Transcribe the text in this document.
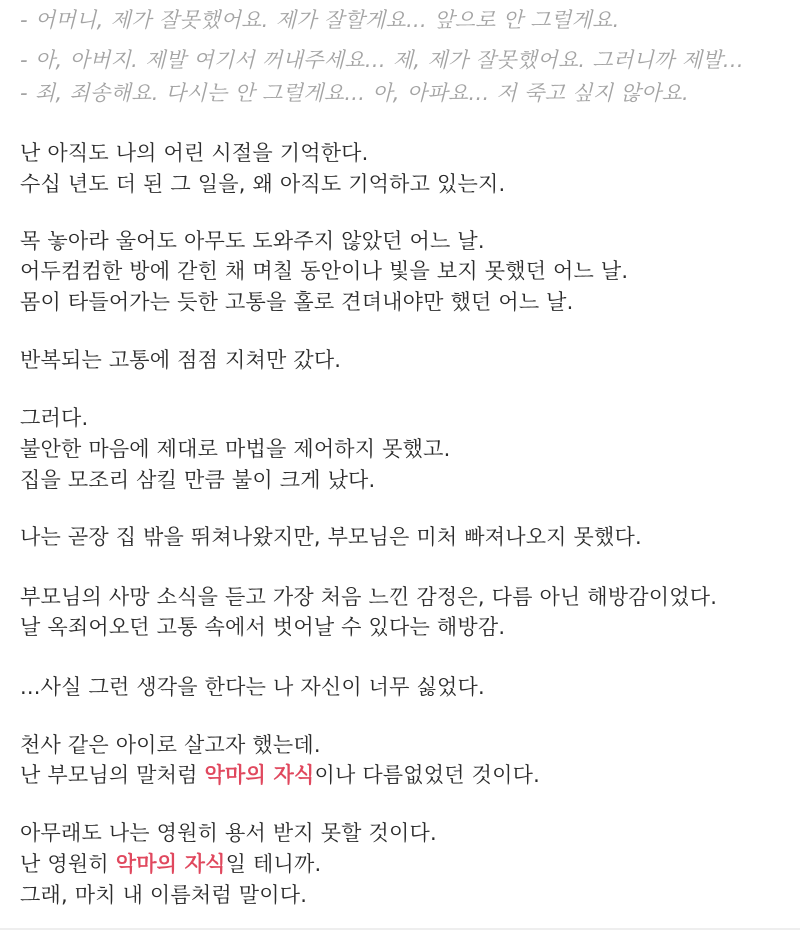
- 어머니, 제가 잘못했어요. 제가 잘할게요... 앞으로 안 그럴게요.
- 아, 아버지. 제발 여기서 꺼내주세요... 제, 제가 잘못했어요. 그러니까 제발...
- 죄, 죄송해요. 다시는 안 그럴게요... 아, 아파요... 저 죽고 싶지 않아요.
난 아직도 나의 어린 시절을 기억한다.
수십 년도 더 된 그 일을, 왜 아직도 기억하고 있는지.
목 놓아라 울어도 아무도 도와주지 않았던 어느 날.
어두컴컴한 방에 갇힌 채 며칠 동안이나 빛을 보지 못했던 어느 날.
몸이 타들어가는 듯한 고통을 홀로 견뎌내야만 했던 어느 날.
반복되는 고통에 점점 지쳐만 갔다.
그러다.
불안한 마음에 제대로 마법을 제어하지 못했고.
집을 모조리 삼킬 만큼 불이 크게 났다.
나는 곧장 집 밖을 뛰쳐나왔지만, 부모님은 미처 빠져나오지 못했다.
부모님의 사망 소식을 듣고 가장 처음 느낀 감정은, 다름 아닌 해방감이었다.
날 옥죄어오던 고통 속에서 벗어날 수 있다는 해방감.
...사실 그런 생각을 한다는 나 자신이 너무 싫었다.
천사 같은 아이로 살고자 했는데.
난 부모님의 말처럼 악마의 자식이나 다름없었던 것이다.
아무래도 나는 영원히 용서 받지 못할 것이다.
난 영원히 악마의 자식일 테니까.
그래, 마치 내 이름처럼 말이다.
